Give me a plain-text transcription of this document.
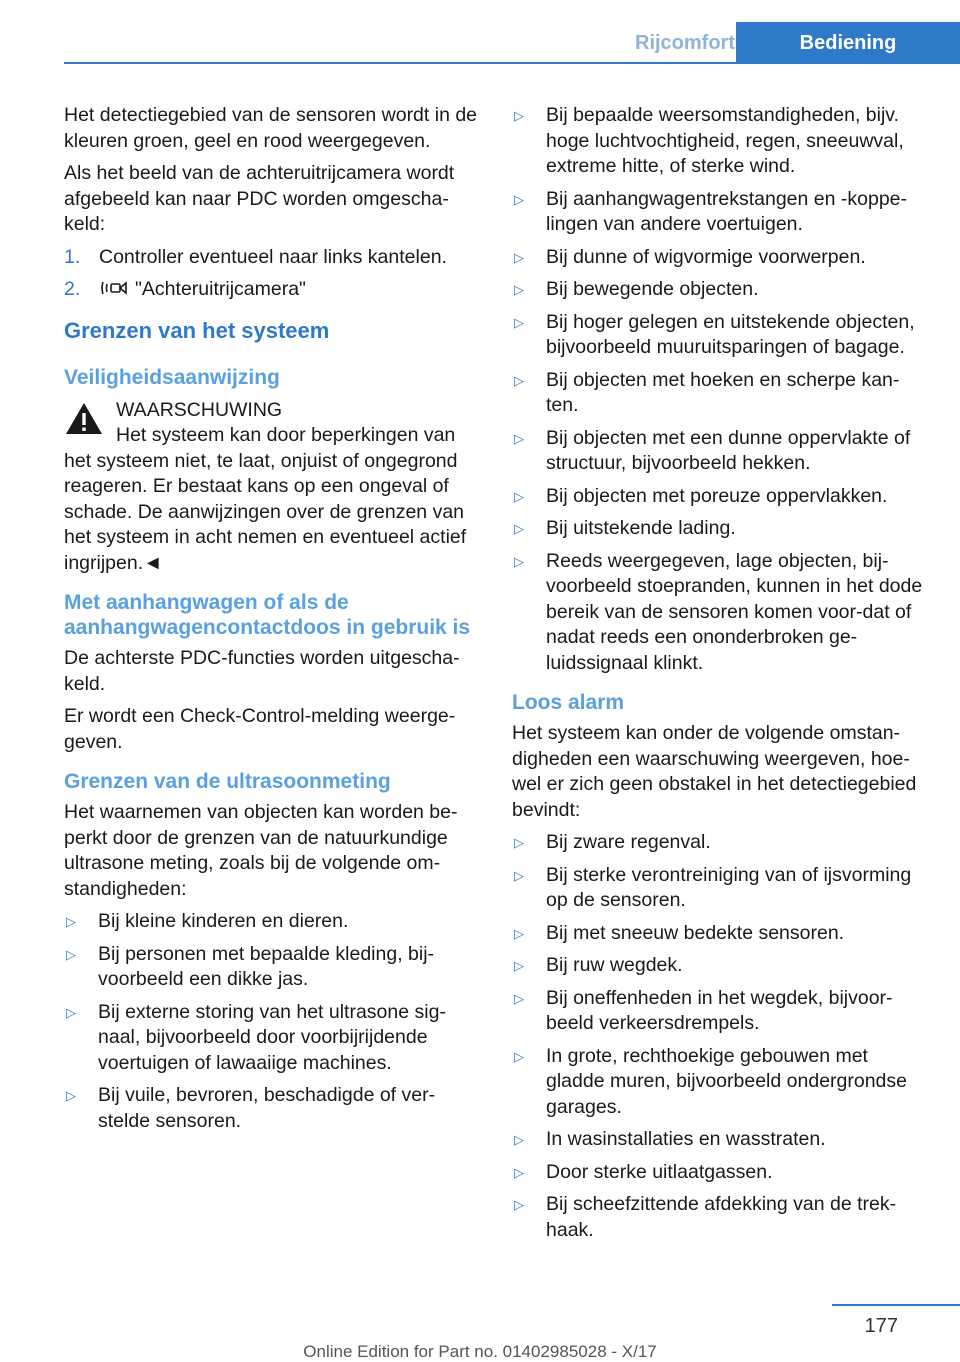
Rijcomfort	Bediening

Het detectiegebied van de sensoren wordt in de kleuren groen, geel en rood weergegeven.

Als het beeld van de achteruitrijcamera wordt afgebeeld kan naar PDC worden omgescha-keld:

1. Controller eventueel naar links kantelen.
2.	"Achteruitrijcamera"
Grenzen van het systeem
Veiligheidsaanwijzing
WAARSCHUWING
Het systeem kan door beperkingen van het systeem niet, te laat, onjuist of ongegrond reageren. Er bestaat kans op een ongeval of schade. De aanwijzingen over de grenzen van het systeem in acht nemen en eventueel actief ingrijpen.◄
Met aanhangwagen of als de aanhangwagencontactdoos in gebruik is

De achterste PDC-functies worden uitgescha-keld.

Er wordt een Check-Control-melding weerge-geven.

Grenzen van de ultrasoonmeting

Het waarnemen van objecten kan worden be-perkt door de grenzen van de natuurkundige ultrasone meting, zoals bij de volgende om-standigheden:

▷	Bij kleine kinderen en dieren.
▷	Bij personen met bepaalde kleding, bij-voorbeeld een dikke jas.
▷	Bij externe storing van het ultrasone sig-naal, bijvoorbeeld door voorbijrijdende voertuigen of lawaaiige machines.
▷	Bij vuile, bevroren, beschadigde of ver-stelde sensoren.
▷	Bij bepaalde weersomstandigheden, bijv. hoge luchtvochtigheid, regen, sneeuwval, extreme hitte, of sterke wind.
▷	Bij aanhangwagentrekstangen en -koppe-lingen van andere voertuigen.
▷	Bij dunne of wigvormige voorwerpen.
▷	Bij bewegende objecten.
▷	Bij hoger gelegen en uitstekende objecten, bijvoorbeeld muuruitsparingen of bagage.
▷	Bij objecten met hoeken en scherpe kan-ten.
▷	Bij objecten met een dunne oppervlakte of structuur, bijvoorbeeld hekken.
▷	Bij objecten met poreuze oppervlakken.
▷	Bij uitstekende lading.
▷	Reeds weergegeven, lage objecten, bij-voorbeeld stoepranden, kunnen in het dode bereik van de sensoren komen voor-dat of nadat reeds een ononderbroken ge-luidssignaal klinkt.
Loos alarm

Het systeem kan onder de volgende omstan-digheden een waarschuwing weergeven, hoe-wel er zich geen obstakel in het detectiegebied bevindt:

▷	Bij zware regenval.
▷	Bij sterke verontreiniging van of ijsvorming op de sensoren.
▷	Bij met sneeuw bedekte sensoren.
▷	Bij ruw wegdek.
▷	Bij oneffenheden in het wegdek, bijvoor-beeld verkeersdrempels.
▷	In grote, rechthoekige gebouwen met gladde muren, bijvoorbeeld ondergrondse garages.
▷	In wasinstallaties en wasstraten.
▷	Door sterke uitlaatgassen.
▷	Bij scheefzittende afdekking van de trek-haak.
177
Online Edition for Part no. 01402985028 - X/17
